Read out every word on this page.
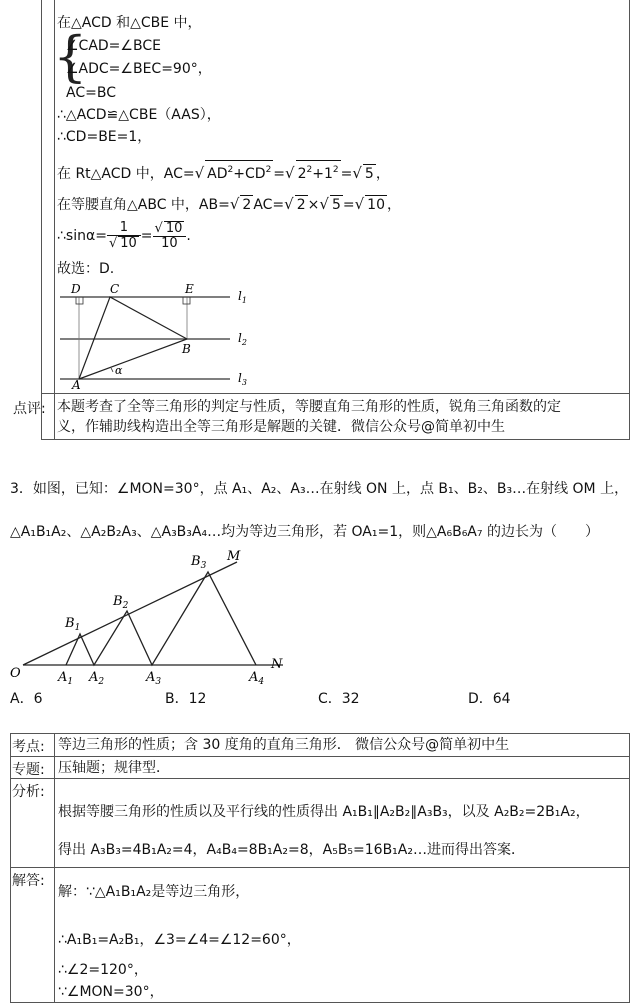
在△ACD 和△CBE 中，
{
∠CAD=∠BCE
∠ADC=∠BEC=90°，
AC=BC
∴△ACD≌△CBE（AAS），
∴CD=BE=1，
在 Rt△ACD 中，AC=√ $AD^2+CD^2$ =√ $2^2+1^2$ =√ 5 ，
在等腰直角△ABC 中，AB=√ 2 AC=√ 2 ×√ 5 =√ 10 ，
∴sinα= $\frac{1}{√ 10} = \frac{√ 10}{10}$ .
故选：D.
D C	E
B
A
α
$l_1$
$l_2$
$l_3$
点评: 本题考查了全等三角形的判定与性质，等腰直角三角形的性质，锐角三角函数的定
义，作辅助线构造出全等三角形是解题的关键．微信公众号@简单初中生
3．如图，已知：∠MON=30°，点 A₁、A₂、A₃…在射线 ON 上，点 B₁、B₂、B₃…在射线 OM 上，
△A₁B₁A₂、△A₂B₂A₃、△A₃B₃A₄…均为等边三角形，若 OA₁=1，则△A₆B₆A₇ 的边长为（　　）
O
M
N
$A_1$ $A_2$	$A_3$	$A_4$
$B_1$
$B_2$
$B_3$
A．6	B．12	C．32	D．64
考点: 等边三角形的性质；含 30 度角的直角三角形． 微信公众号@简单初中生
专题: 压轴题；规律型．
分析:
根据等腰三角形的性质以及平行线的性质得出 A₁B₁∥A₂B₂∥A₃B₃，以及 A₂B₂=2B₁A₂，
得出 A₃B₃=4B₁A₂=4，A₄B₄=8B₁A₂=8，A₅B₅=16B₁A₂…进而得出答案．
解答:
解：∵△A₁B₁A₂是等边三角形，
∴A₁B₁=A₂B₁，∠3=∠4=∠12=60°，
∴∠2=120°，
∵∠MON=30°，
